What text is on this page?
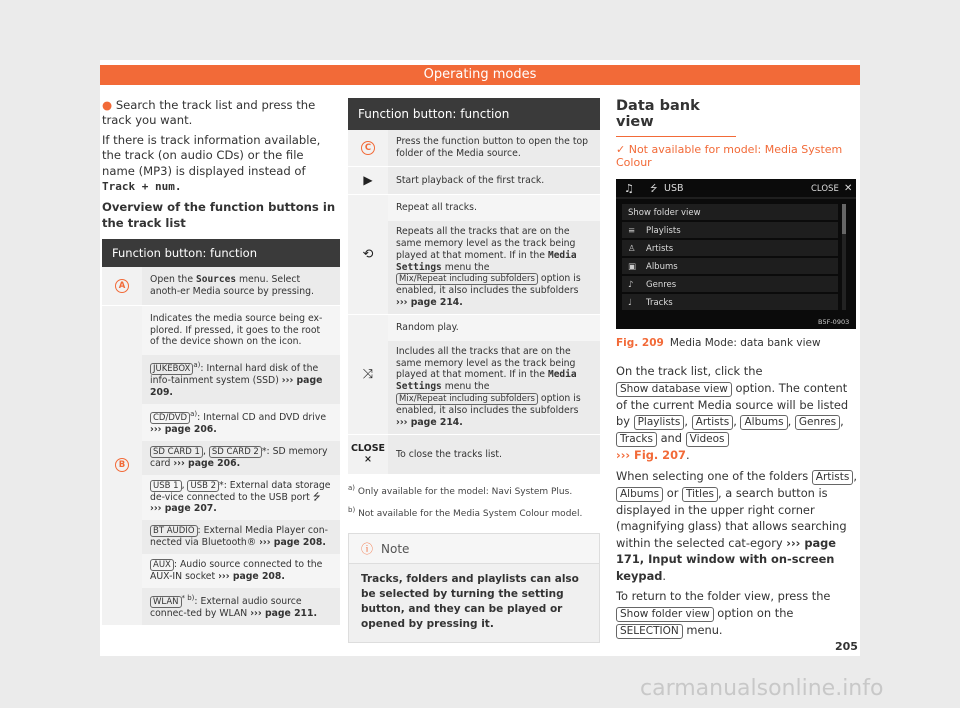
Operating modes

● Search the track list and press the track you want.

If there is track information available, the track (on audio CDs) or the file name (MP3) is displayed instead of Track + num.

Overview of the function buttons in the track list

Function button: function
A
Open the Sources menu. Select anoth-er Media source by pressing.
B
Indicates the media source being ex-plored. If pressed, it goes to the root of the device shown on the icon.
JUKEBOX $^{a)}$: Internal hard disk of the info-tainment system (SSD) ››› page 209.
CD/DVD $^{a)}$: Internal CD and DVD drive ››› page 206.
SD CARD 1 , SD CARD 2 *: SD memory card ››› page 206.
USB 1 , USB 2 *: External data storage de-vice connected to the USB port ⭍ ››› page 207.
BT AUDIO : External Media Player con-nected via Bluetooth® ››› page 208.
AUX : Audio source connected to the AUX-IN socket ››› page 208.
WLAN $^{* b)}$: External audio source connec-ted by WLAN ››› page 211.
Function button: function
C
Press the function button to open the top folder of the Media source.
▶	Start playback of the first track.
⟲
Repeat all tracks.
Repeats all the tracks that are on the same memory level as the track being played at that moment. If in the Media Settings menu the Mix/Repeat including subfolders option is enabled, it also includes the subfolders ››› page 214.
⤨
Random play.
Includes all the tracks that are on the same memory level as the track being played at that moment. If in the Media Settings menu the Mix/Repeat including subfolders option is enabled, it also includes the subfolders ››› page 214.
CLOSE
×
To close the tracks list.
$^{a)}$ Only available for the model: Navi System Plus.
$^{b)}$ Not available for the Media System Colour model.
ⓘ Note
Tracks, folders and playlists can also be selected by turning the setting button, and they can be played or opened by pressing it.
Data bank view
✓ Not available for model: Media System Colour
♫ ⭍ USB	CLOSE ✕
Show folder view
≡ Playlists
♙ Artists
▣ Albums
♪ Genres
♩ Tracks
B5F-0903
Fig. 209 Media Mode: data bank view

On the track list, click the Show database view option. The content of the current Media source will be listed by Playlists , Artists , Albums , Genres , Tracks and Videos
››› Fig. 207.

When selecting one of the folders Artists , Albums or Titles , a search button is displayed in the upper right corner (magnifying glass) that allows searching within the selected cat-egory ››› page 171, Input window with on-screen keypad.

To return to the folder view, press the Show folder view option on the SELECTION menu.

205
carmanualsonline.info
